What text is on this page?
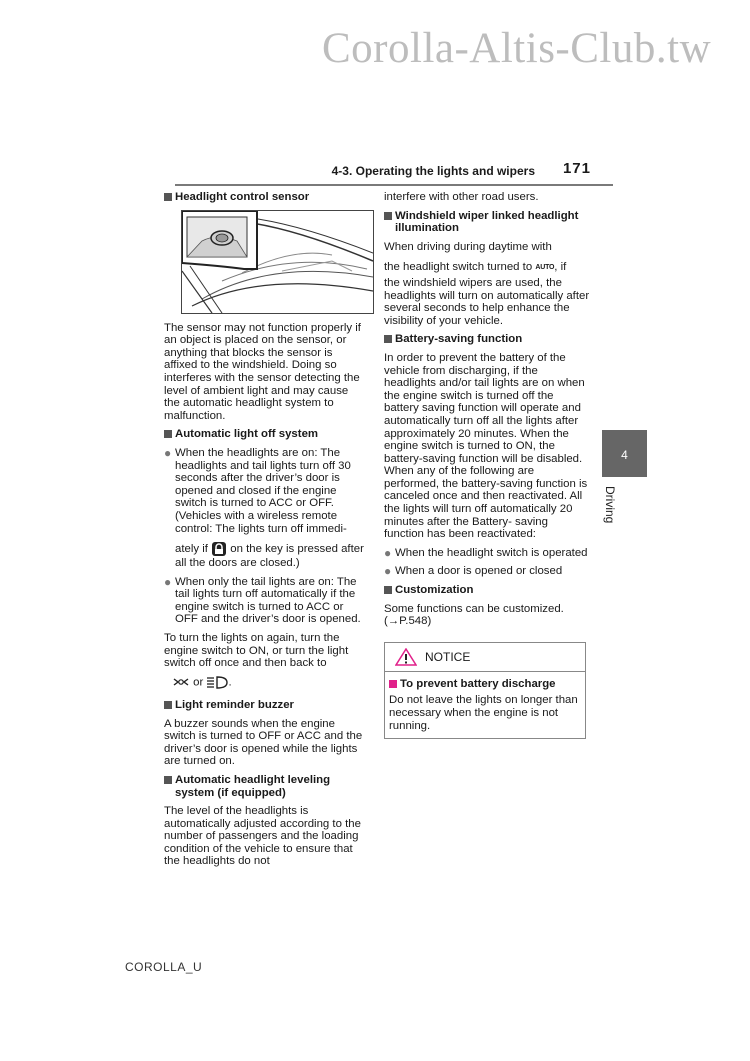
Corolla-Altis-Club.tw
4-3. Operating the lights and wipers 171
Headlight control sensor

The sensor may not function properly if an object is placed on the sensor, or anything that blocks the sensor is affixed to the windshield. Doing so interferes with the sensor detecting the level of ambient light and may cause the automatic headlight system to malfunction.

Automatic light off system
● When the headlights are on: The headlights and tail lights turn off 30 seconds after the driver’s door is opened and closed if the engine switch is turned to ACC or OFF. (Vehicles with a wireless remote control: The lights turn off immedi-
ately if on the key is pressed after all the doors are closed.)
● When only the tail lights are on: The tail lights turn off automatically if the engine switch is turned to ACC or OFF and the driver’s door is opened.

To turn the lights on again, turn the engine switch to ON, or turn the light switch off once and then back to

or .

Light reminder buzzer

A buzzer sounds when the engine switch is turned to OFF or ACC and the driver’s door is opened while the lights are turned on.

Automatic headlight leveling system (if equipped)

The level of the headlights is automatically adjusted according to the number of passengers and the loading condition of the vehicle to ensure that the headlights do not

interfere with other road users.

Windshield wiper linked headlight illumination

When driving during daytime with

the headlight switch turned to AUTO, if

the windshield wipers are used, the headlights will turn on automatically after several seconds to help enhance the visibility of your vehicle.

Battery-saving function

In order to prevent the battery of the vehicle from discharging, if the headlights and/or tail lights are on when the engine switch is turned off the battery saving function will operate and automatically turn off all the lights after approximately 20 minutes. When the engine switch is turned to ON, the battery-saving function will be disabled.

When any of the following are performed, the battery-saving function is canceled once and then reactivated. All the lights will turn off automatically 20 minutes after the Battery- saving function has been reactivated:

● When the headlight switch is operated
● When a door is opened or closed
Customization

Some functions can be customized. (→P.548)

NOTICE
To prevent battery discharge

Do not leave the lights on longer than necessary when the engine is not running.

4
Driving
COROLLA_U
